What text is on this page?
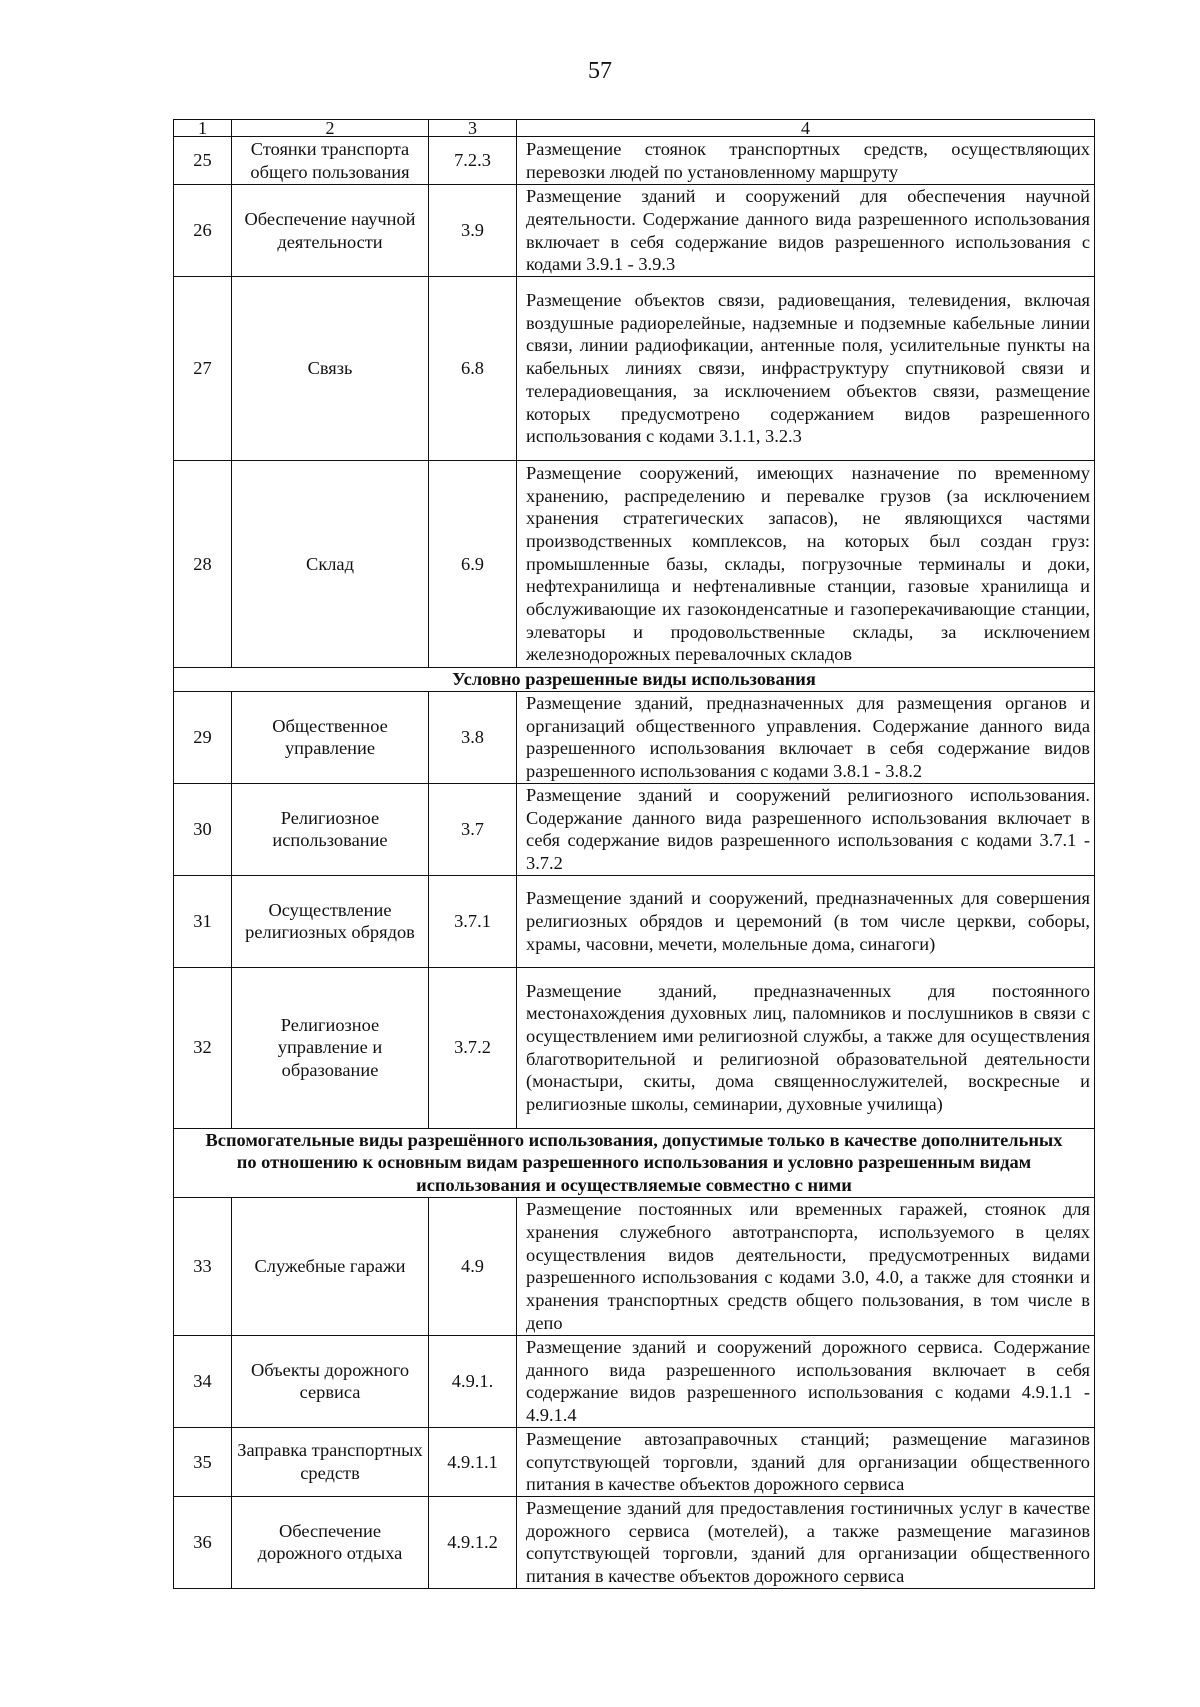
57
1	2	3	4
25	Стоянки транспорта общего пользования	7.2.3	Размещение стоянок транспортных средств, осуществляющих перевозки людей по установленному маршруту
26	Обеспечение научной деятельности	3.9	Размещение зданий и сооружений для обеспечения научной деятельности. Содержание данного вида разрешенного использования включает в себя содержание видов разрешенного использования с кодами 3.9.1 - 3.9.3
27	Связь	6.8	Размещение объектов связи, радиовещания, телевидения, включая воздушные радиорелейные, надземные и подземные кабельные линии связи, линии радиофикации, антенные поля, усилительные пункты на кабельных линиях связи, инфраструктуру спутниковой связи и телерадиовещания, за исключением объектов связи, размещение которых предусмотрено содержанием видов разрешенного использования с кодами 3.1.1, 3.2.3
28	Склад	6.9	Размещение сооружений, имеющих назначение по временному хранению, распределению и перевалке грузов (за исключением хранения стратегических запасов), не являющихся частями производственных комплексов, на которых был создан груз: промышленные базы, склады, погрузочные терминалы и доки, нефтехранилища и нефтеналивные станции, газовые хранилища и обслуживающие их газоконденсатные и газоперекачивающие станции, элеваторы и продовольственные склады, за исключением железнодорожных перевалочных складов
Условно разрешенные виды использования			
29	Общественное управление	3.8	Размещение зданий, предназначенных для размещения органов и организаций общественного управления. Содержание данного вида разрешенного использования включает в себя содержание видов разрешенного использования с кодами 3.8.1 - 3.8.2
30	Религиозное использование	3.7	Размещение зданий и сооружений религиозного использования. Содержание данного вида разрешенного использования включает в себя содержание видов разрешенного использования с кодами 3.7.1 - 3.7.2
31	Осуществление религиозных обрядов	3.7.1	Размещение зданий и сооружений, предназначенных для совершения религиозных обрядов и церемоний (в том числе церкви, соборы, храмы, часовни, мечети, молельные дома, синагоги)
32	Религиозное управление и образование	3.7.2	Размещение зданий, предназначенных для постоянного местонахождения духовных лиц, паломников и послушников в связи с осуществлением ими религиозной службы, а также для осуществления благотворительной и религиозной образовательной деятельности (монастыри, скиты, дома священнослужителей, воскресные и религиозные школы, семинарии, духовные училища)
Вспомогательные виды разрешённого использования, допустимые только в качестве дополнительных по отношению к основным видам разрешенного использования и условно разрешенным видам использования и осуществляемые совместно с ними			
33	Служебные гаражи	4.9	Размещение постоянных или временных гаражей, стоянок для хранения служебного автотранспорта, используемого в целях осуществления видов деятельности, предусмотренных видами разрешенного использования с кодами 3.0, 4.0, а также для стоянки и хранения транспортных средств общего пользования, в том числе в депо
34	Объекты дорожного сервиса	4.9.1.	Размещение зданий и сооружений дорожного сервиса. Содержание данного вида разрешенного использования включает в себя содержание видов разрешенного использования с кодами 4.9.1.1 - 4.9.1.4
35	Заправка транспортных средств	4.9.1.1	Размещение автозаправочных станций; размещение магазинов сопутствующей торговли, зданий для организации общественного питания в качестве объектов дорожного сервиса
36	Обеспечение дорожного отдыха	4.9.1.2	Размещение зданий для предоставления гостиничных услуг в качестве дорожного сервиса (мотелей), а также размещение магазинов сопутствующей торговли, зданий для организации общественного питания в качестве объектов дорожного сервиса
